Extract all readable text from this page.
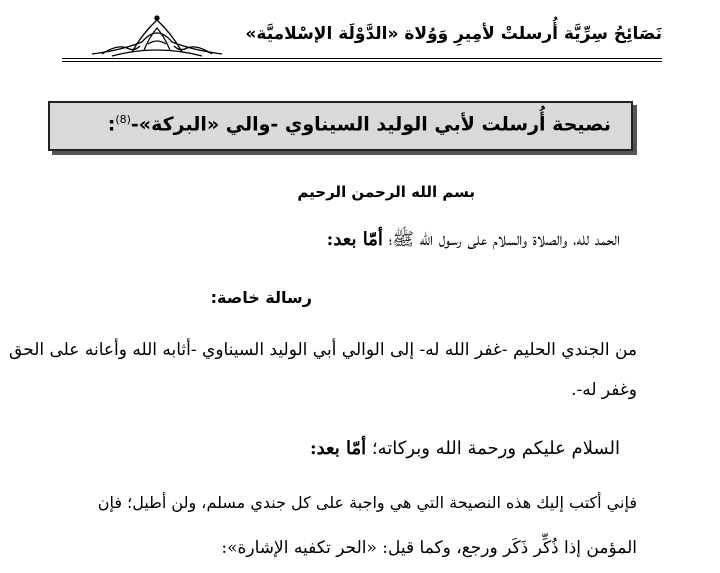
نَصَائِحُ سِرِّيَّة أُرسلتْ لأمِيرِ وَوُلاة «الدَّوْلَة الإسْلاميَّة»
نصيحة أُرسلت لأبي الوليد السيناوي -والي «البركة»-$^{(8)}$:
بسم الله الرحمن الرحيم
الحمد لله، والصلاة والسلام على رسول الله ﷺ؛ أمّا بعد:
رسالة خاصة:
من الجندي الحليم -غفر الله له- إلى الوالي أبي الوليد السيناوي -أثابه الله وأعانه على الحق
وغفر له-.
السلام عليكم ورحمة الله وبركاته؛ أمّا بعد:
فإني أكتب إليك هذه النصيحة التي هي واجبة على كل جندي مسلم، ولن أطيل؛ فإن
المؤمن إذا ذُكِّر ذَكَر ورجع، وكما قيل: «الحر تكفيه الإشارة»:
